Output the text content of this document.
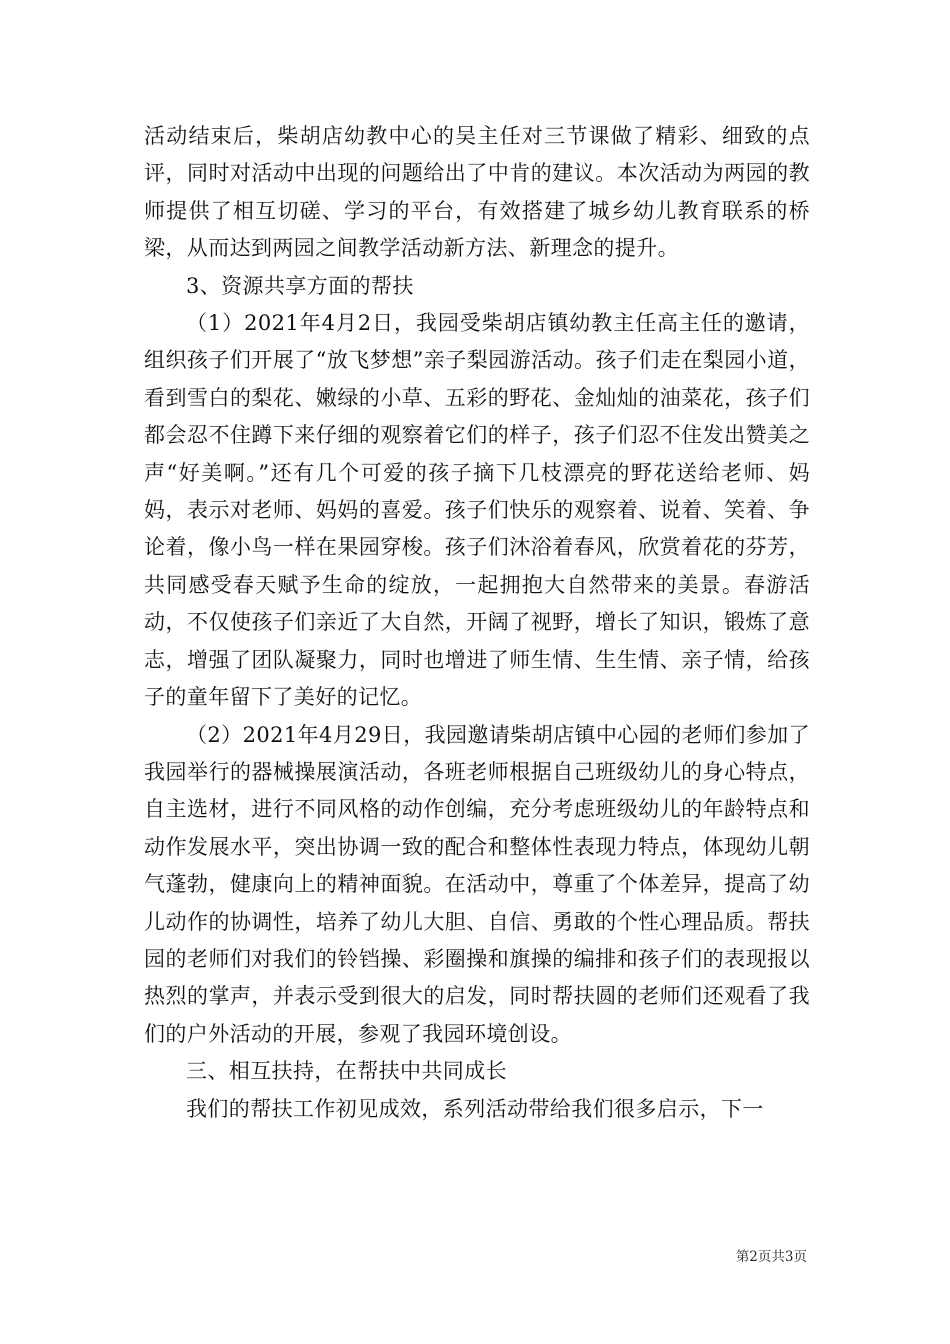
活动结束后，柴胡店幼教中心的吴主任对三节课做了精彩、细致的点评，同时对活动中出现的问题给出了中肯的建议。本次活动为两园的教师提供了相互切磋、学习的平台，有效搭建了城乡幼儿教育联系的桥梁，从而达到两园之间教学活动新方法、新理念的提升。

3、资源共享方面的帮扶

（1）2021年4月2日，我园受柴胡店镇幼教主任高主任的邀请，组织孩子们开展了“放飞梦想”亲子梨园游活动。孩子们走在梨园小道，看到雪白的梨花、嫩绿的小草、五彩的野花、金灿灿的油菜花，孩子们都会忍不住蹲下来仔细的观察着它们的样子，孩子们忍不住发出赞美之声“好美啊。”还有几个可爱的孩子摘下几枝漂亮的野花送给老师、妈妈，表示对老师、妈妈的喜爱。孩子们快乐的观察着、说着、笑着、争论着，像小鸟一样在果园穿梭。孩子们沐浴着春风，欣赏着花的芬芳，共同感受春天赋予生命的绽放，一起拥抱大自然带来的美景。春游活动，不仅使孩子们亲近了大自然，开阔了视野，增长了知识，锻炼了意志，增强了团队凝聚力，同时也增进了师生情、生生情、亲子情，给孩子的童年留下了美好的记忆。

（2）2021年4月29日，我园邀请柴胡店镇中心园的老师们参加了我园举行的器械操展演活动，各班老师根据自己班级幼儿的身心特点，自主选材，进行不同风格的动作创编，充分考虑班级幼儿的年龄特点和动作发展水平，突出协调一致的配合和整体性表现力特点，体现幼儿朝气蓬勃，健康向上的精神面貌。在活动中，尊重了个体差异，提高了幼儿动作的协调性，培养了幼儿大胆、自信、勇敢的个性心理品质。帮扶园的老师们对我们的铃铛操、彩圈操和旗操的编排和孩子们的表现报以热烈的掌声，并表示受到很大的启发，同时帮扶圆的老师们还观看了我们的户外活动的开展，参观了我园环境创设。

三、相互扶持，在帮扶中共同成长

我们的帮扶工作初见成效，系列活动带给我们很多启示，下一

第2页共3页
